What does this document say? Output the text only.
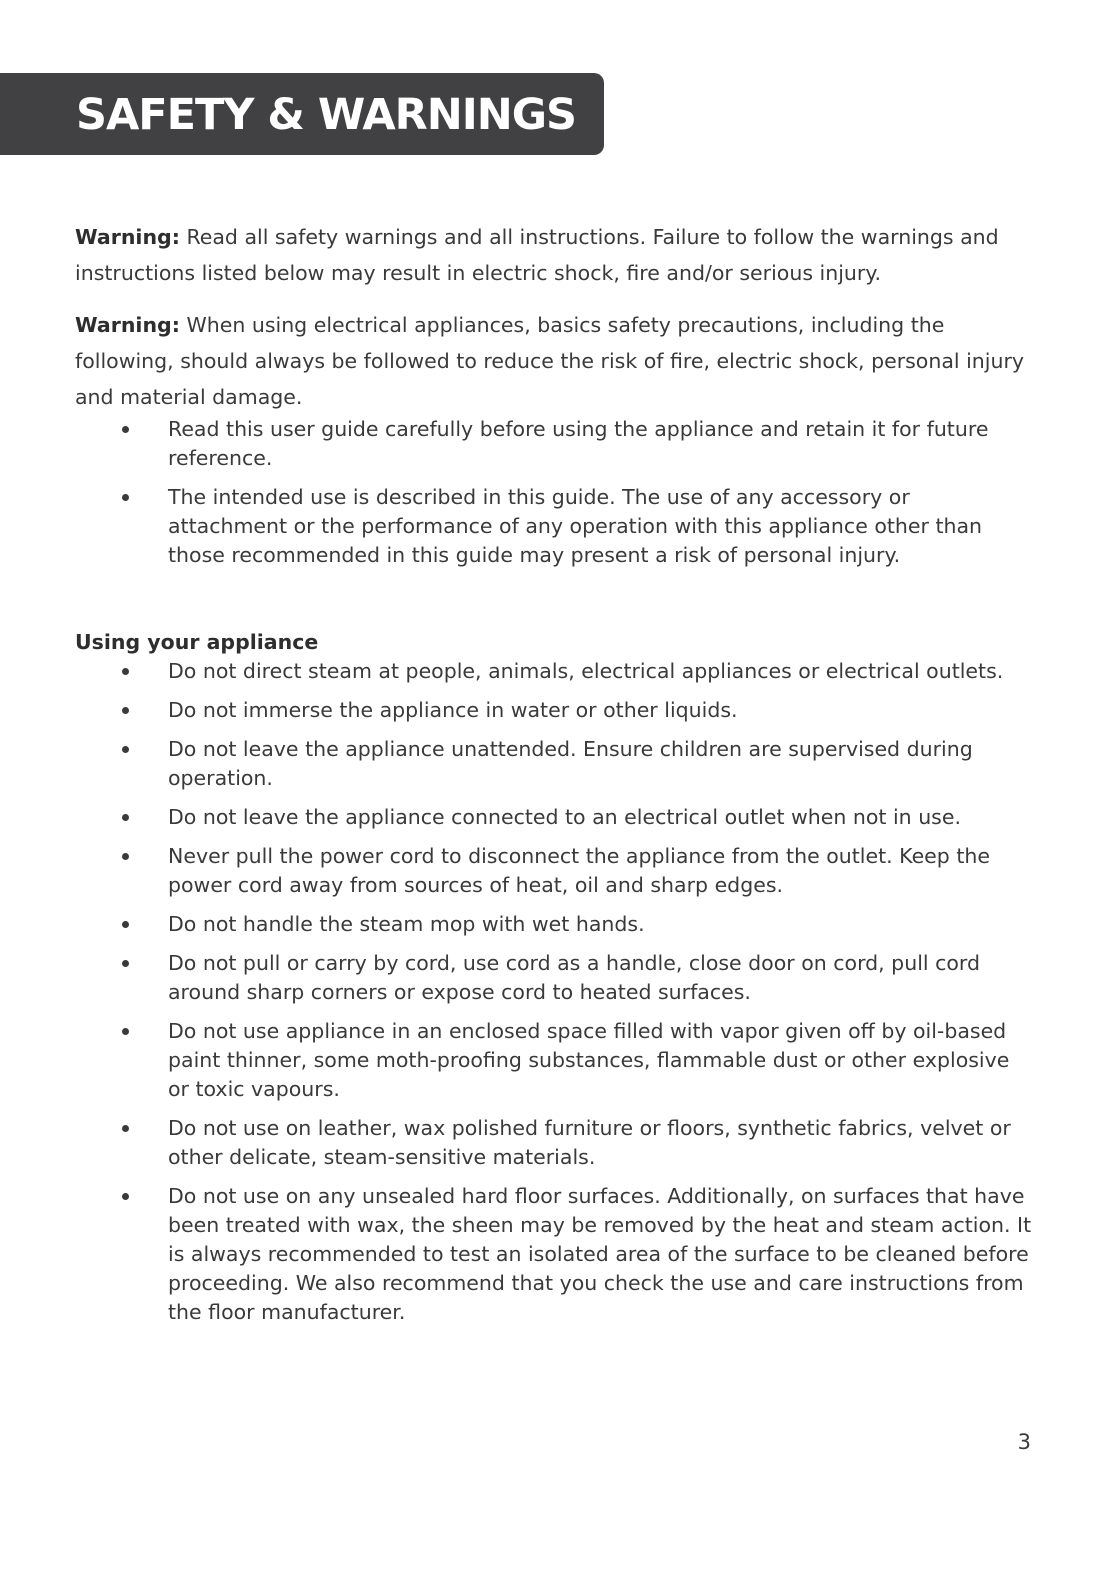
SAFETY & WARNINGS

Warning: Read all safety warnings and all instructions. Failure to follow the warnings and instructions listed below may result in electric shock, fire and/or serious injury.

Warning: When using electrical appliances, basics safety precautions, including the following, should always be followed to reduce the risk of fire, electric shock, personal injury and material damage.

Read this user guide carefully before using the appliance and retain it for future reference.
The intended use is described in this guide. The use of any accessory or attachment or the performance of any operation with this appliance other than those recommended in this guide may present a risk of personal injury.
Using your appliance
Do not direct steam at people, animals, electrical appliances or electrical outlets.
Do not immerse the appliance in water or other liquids.
Do not leave the appliance unattended. Ensure children are supervised during operation.
Do not leave the appliance connected to an electrical outlet when not in use.
Never pull the power cord to disconnect the appliance from the outlet. Keep the power cord away from sources of heat, oil and sharp edges.
Do not handle the steam mop with wet hands.
Do not pull or carry by cord, use cord as a handle, close door on cord, pull cord around sharp corners or expose cord to heated surfaces.
Do not use appliance in an enclosed space filled with vapor given off by oil-based paint thinner, some moth-proofing substances, flammable dust or other explosive or toxic vapours.
Do not use on leather, wax polished furniture or floors, synthetic fabrics, velvet or other delicate, steam-sensitive materials.
Do not use on any unsealed hard floor surfaces. Additionally, on surfaces that have been treated with wax, the sheen may be removed by the heat and steam action. It is always recommended to test an isolated area of the surface to be cleaned before proceeding. We also recommend that you check the use and care instructions from the floor manufacturer.
3
